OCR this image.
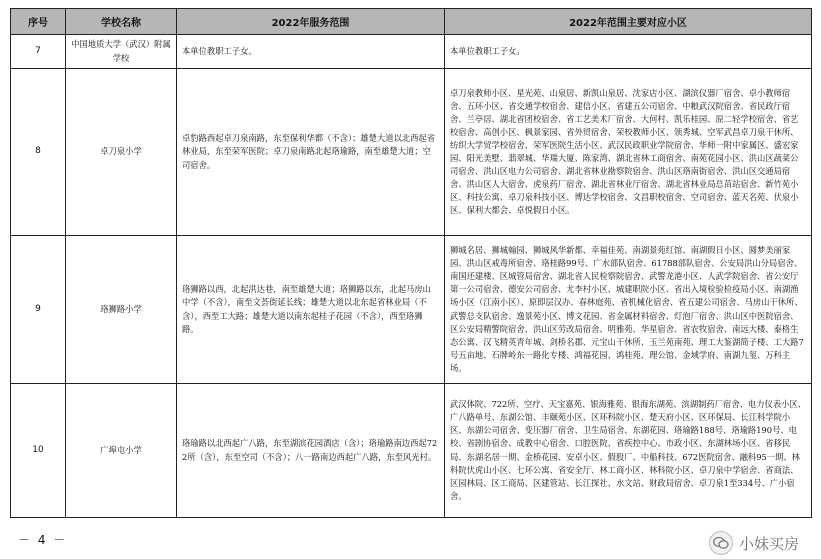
序号	学校名称	2022年服务范围	2022年范围主要对应小区
7	中国地质大学（武汉）附属学校	本单位教职工子女。	本单位教职工子女。
8	卓刀泉小学	卓豹路西起卓刀泉南路，东至保利华都（不含）；雄楚大道以北西起省林业局，东至荣军医院；卓刀泉南路北起珞瑜路，南至雄楚大道；空司宿舍。	卓刀泉教师小区、星光苑、山泉居、新凯山泉居、沈家店小区、湖滨仪器厂宿舍、卓小教师宿舍、五环小区、省交通学校宿舍、建信小区、省建五公司宿舍、中粮武汉院宿舍、省民政厅宿舍、兰亭居、湖北省团校宿舍、省工艺美术厂宿舍、大何村、凯乐桂园、原二轻学校宿舍、省艺校宿舍、高创小区、枫景家园、省外贸宿舍、荣校教师小区、领秀城、空军武昌卓刀泉干休所、纺织大学贸学校宿舍、荣军医院生活小区、武汉民政职业学院宿舍、华师一附中家属区、盛宏家园、阳光美墅、翡翠城、华瑞大厦、陈家湾、湖北省林工商宿舍、南苑花园小区、洪山区蔬菜公司宿舍、洪山区电力公司宿舍、湖北省林业勘察院宿舍、洪山区珞南街宿舍、洪山区交通局宿舍、洪山区人大宿舍、虎泉药厂宿舍、湖北省林业厅宿舍、湖北省林业局总苗站宿舍、新竹苑小区、科技公寓、卓刀泉科技小区、博达学校宿舍、文昌职校宿舍、空司宿舍、蓝天名苑、伏泉小区、保利大都会、卓悦假日小区。
9	珞狮路小学	珞狮路以西，北起洪达巷，南至雄楚大道；珞狮路以东，北起马房山中学（不含），南至文荟街延长线；雄楚大道以北东起省林业局（不含），西至工大路；雄楚大道以南东起桂子花园（不含），西至珞狮路。	狮城名居、狮城翰园、狮城风华新都、幸福佳苑、南湖景苑红馆、南湖假日小区、圆梦美丽家园、洪山区戒毒所宿舍、珞桂路99号、广水部队宿舍、61788部队宿舍、公安局洪山分局宿舍、南国还建楼、区城管局宿舍、湖北省人民检察院宿舍、武警龙港小区、人武学院宿舍、省公安厅第一公司宿舍、德安公司宿舍、尤李村小区、城建职院小区、省出入境检验检疫局小区、南湖渔场小区（江南小区）、原即层汉办、春林庭苑、省机械化宿舍、省五建公司宿舍、马房山干休所、武警总支队宿舍、逸景苑小区、博文花园、省金属材料宿舍、灯泡厂宿舍、洪山区中医院宿舍、区公安局精警院宿舍、洪山区劳改局宿舍、明雅苑、华星宿舍、省农牧宿舍、南远大楼、泰格生态公寓、汉飞精英青年城、剑桥名郡、元宝山干休所、玉兰苑南苑、理工大鉴湖简子楼、工大路7号五亩地、石牌岭东一路化专楼、鸿福花园、鸿桂苑、理公馆、金域学府、南湖九玺、万科主场。
10	广埠屯小学	珞瑜路以北西起广八路，东至湖滨花园酒店（含）；珞瑜路南边西起722所（含），东至空司（不含）；八一路南边西起广八路，东至风光村。	武汉体院、722所、空疗、天宝嘉苑、银海雅苑、银海东湖苑、滨湖制药厂宿舍、电力仪表小区、广八路单号、东湖公馆、丰颐苑小区、区环科院小区、楚天府小区、区环保局、长江科学院小区、东湖公司宿舍、变压器厂宿舍、卫生局宿舍、东湖花园、珞瑜路188号、珞瑜路190号、电校、省剧协宿舍、成教中心宿舍、口腔医院、省疾控中心、市政小区、东湖林场小区、省移民局、东湖名居一期、金桥花园、安卓小区、假股厂、中船科技、672医院宿舍、融科95一期、林科院伏虎山小区、七环公寓、省安全厅、林工商小区、林科院小区、卓刀泉中学宿舍、省商法、区园林局、区工商局、区建管站、长江探社、水文站、财政局宿舍、卓刀泉1至334号、广小宿舍。
－ 4 －	小妹买房
